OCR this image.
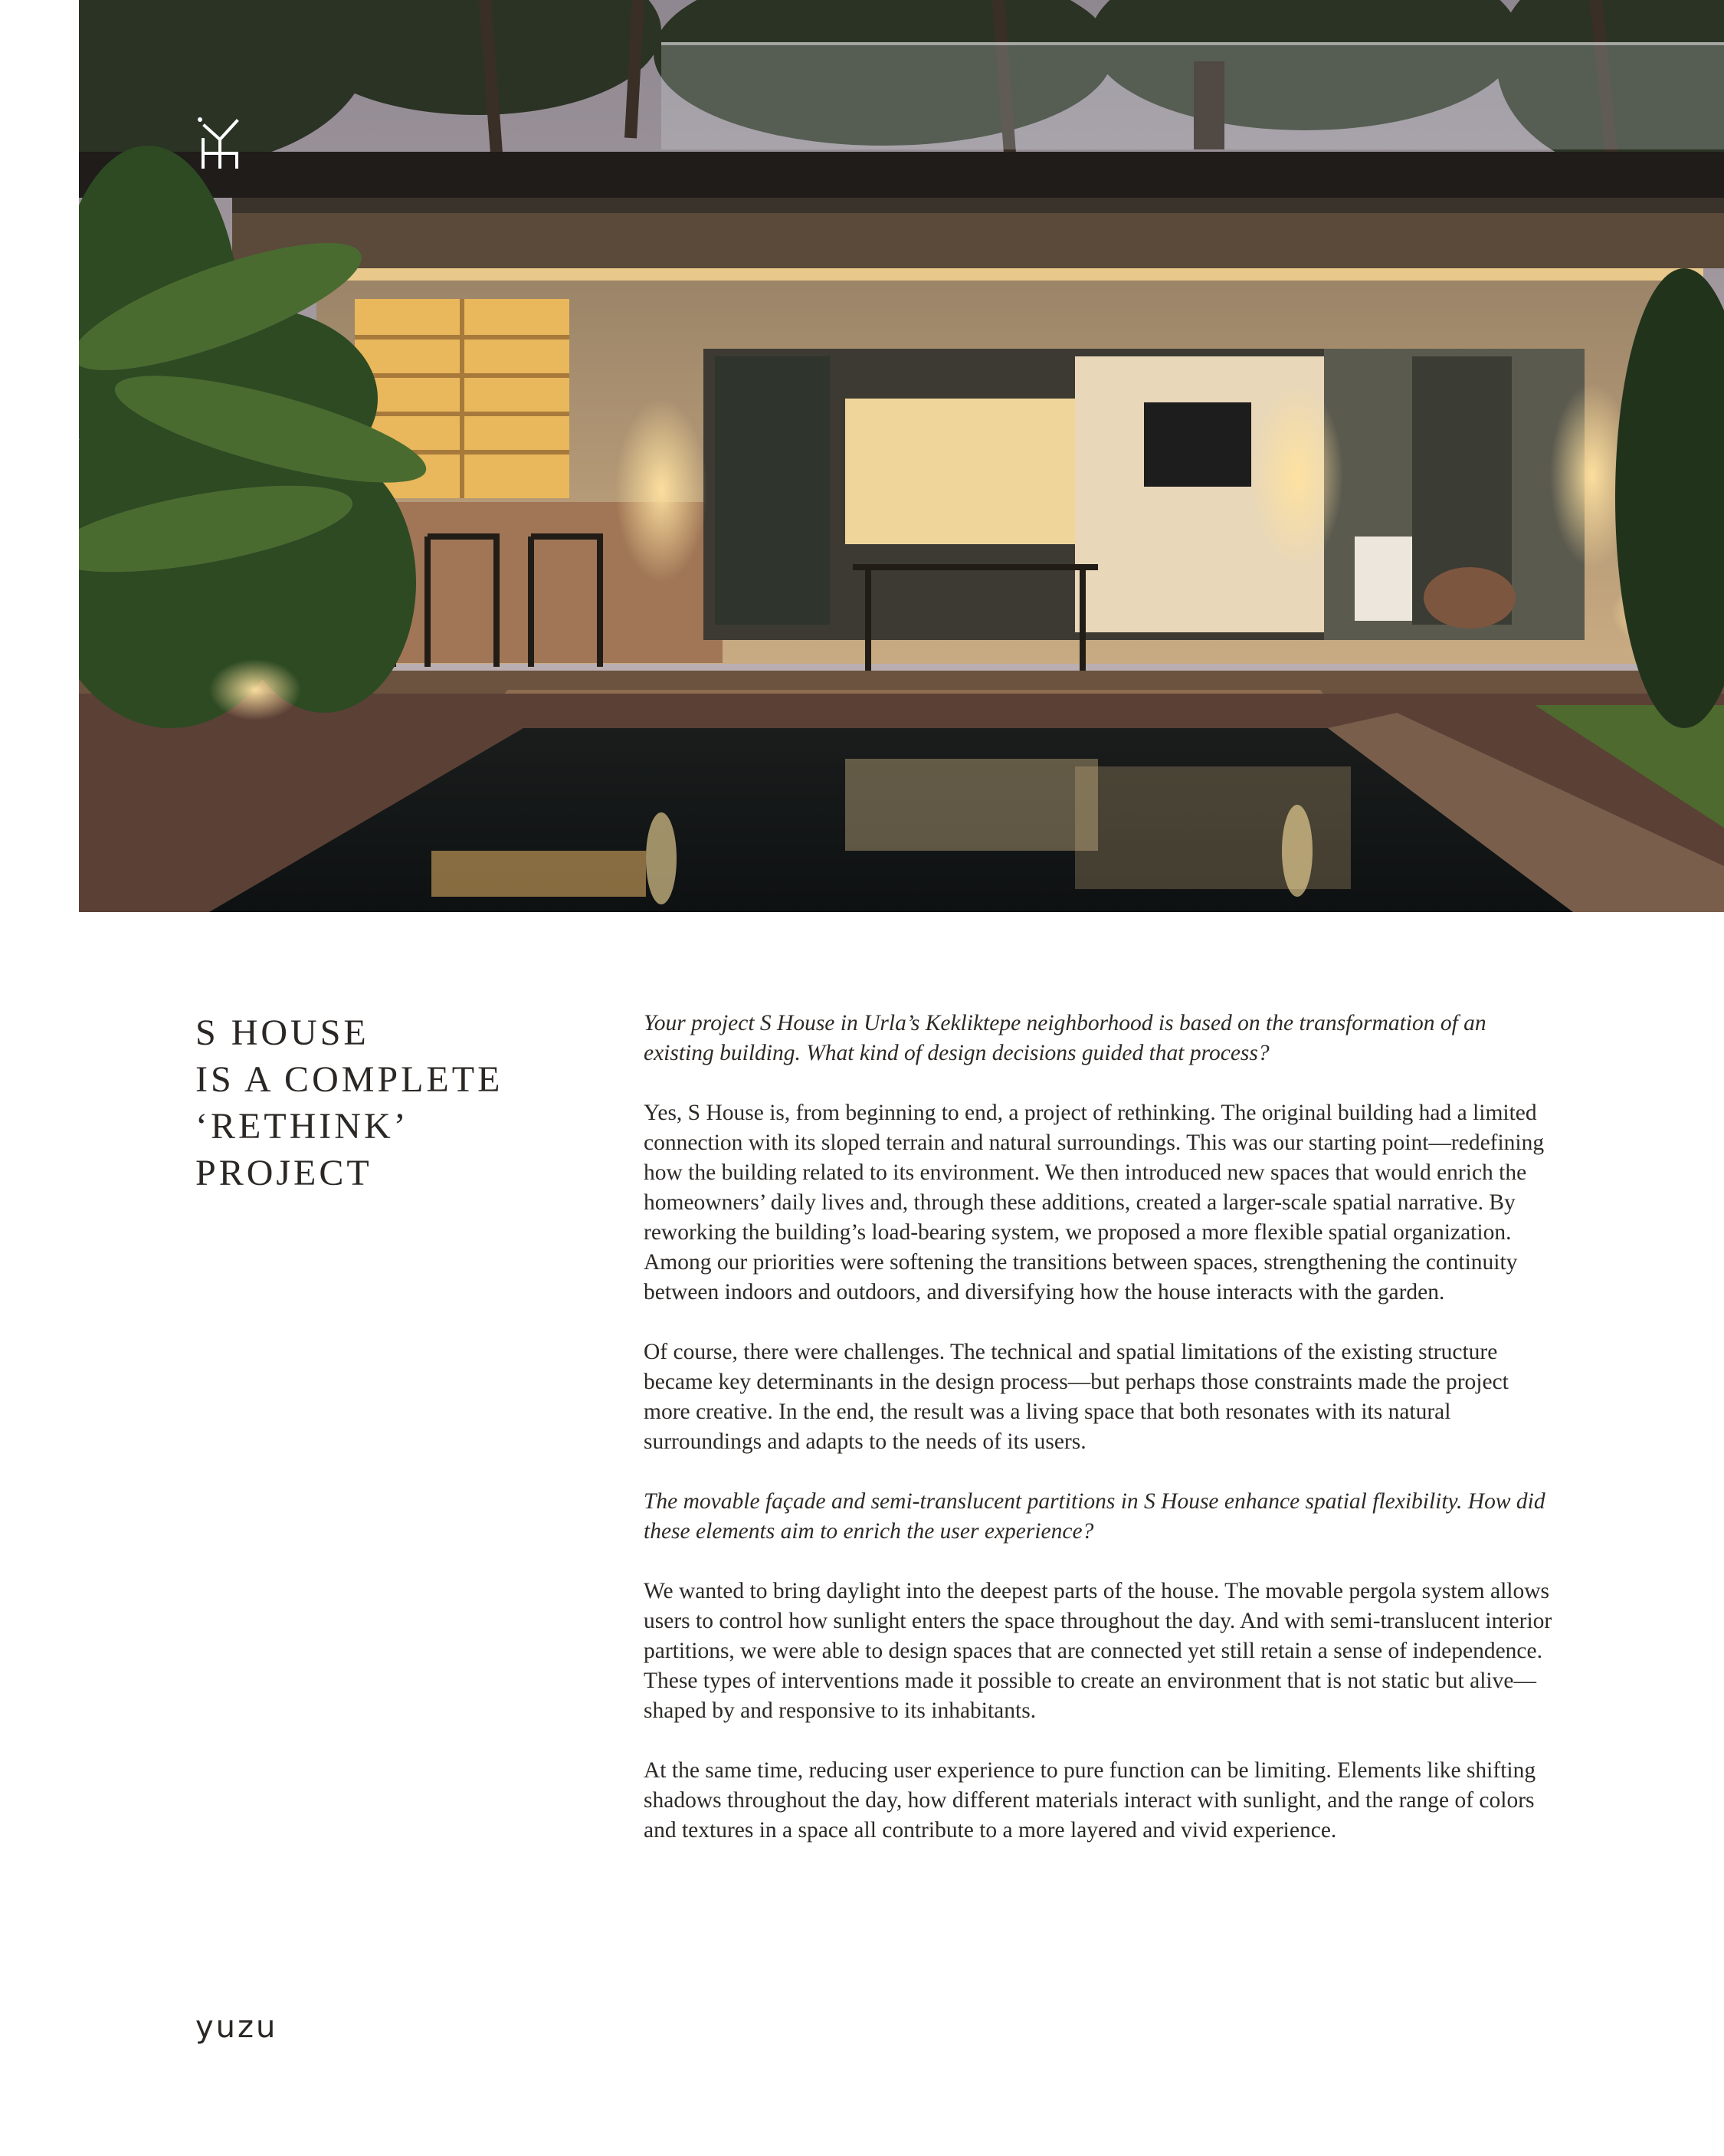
S HOUSE
IS A COMPLETE
‘RETHINK’
PROJECT

Your project S House in Urla’s Kekliktepe neighborhood is based on the transformation of an existing building. What kind of design decisions guided that process?

Yes, S House is, from beginning to end, a project of rethinking. The original building had a limited connection with its sloped terrain and natural surroundings. This was our starting point—redefining how the building related to its environment. We then introduced new spaces that would enrich the homeowners’ daily lives and, through these additions, created a larger-scale spatial narrative. By reworking the building’s load-bearing system, we proposed a more flexible spatial organization. Among our priorities were softening the transitions between spaces, strengthening the continuity between indoors and outdoors, and diversifying how the house interacts with the garden.

Of course, there were challenges. The technical and spatial limitations of the existing structure became key determinants in the design process—but perhaps those constraints made the project more creative. In the end, the result was a living space that both resonates with its natural surroundings and adapts to the needs of its users.

The movable façade and semi-translucent partitions in S House enhance spatial flexibility. How did these elements aim to enrich the user experience?

We wanted to bring daylight into the deepest parts of the house. The movable pergola system allows users to control how sunlight enters the space throughout the day. And with semi-translucent interior partitions, we were able to design spaces that are connected yet still retain a sense of independence. These types of interventions made it possible to create an environment that is not static but alive—shaped by and responsive to its inhabitants.

At the same time, reducing user experience to pure function can be limiting. Elements like shifting shadows throughout the day, how different materials interact with sunlight, and the range of colors and textures in a space all contribute to a more layered and vivid experience.

yuzu
